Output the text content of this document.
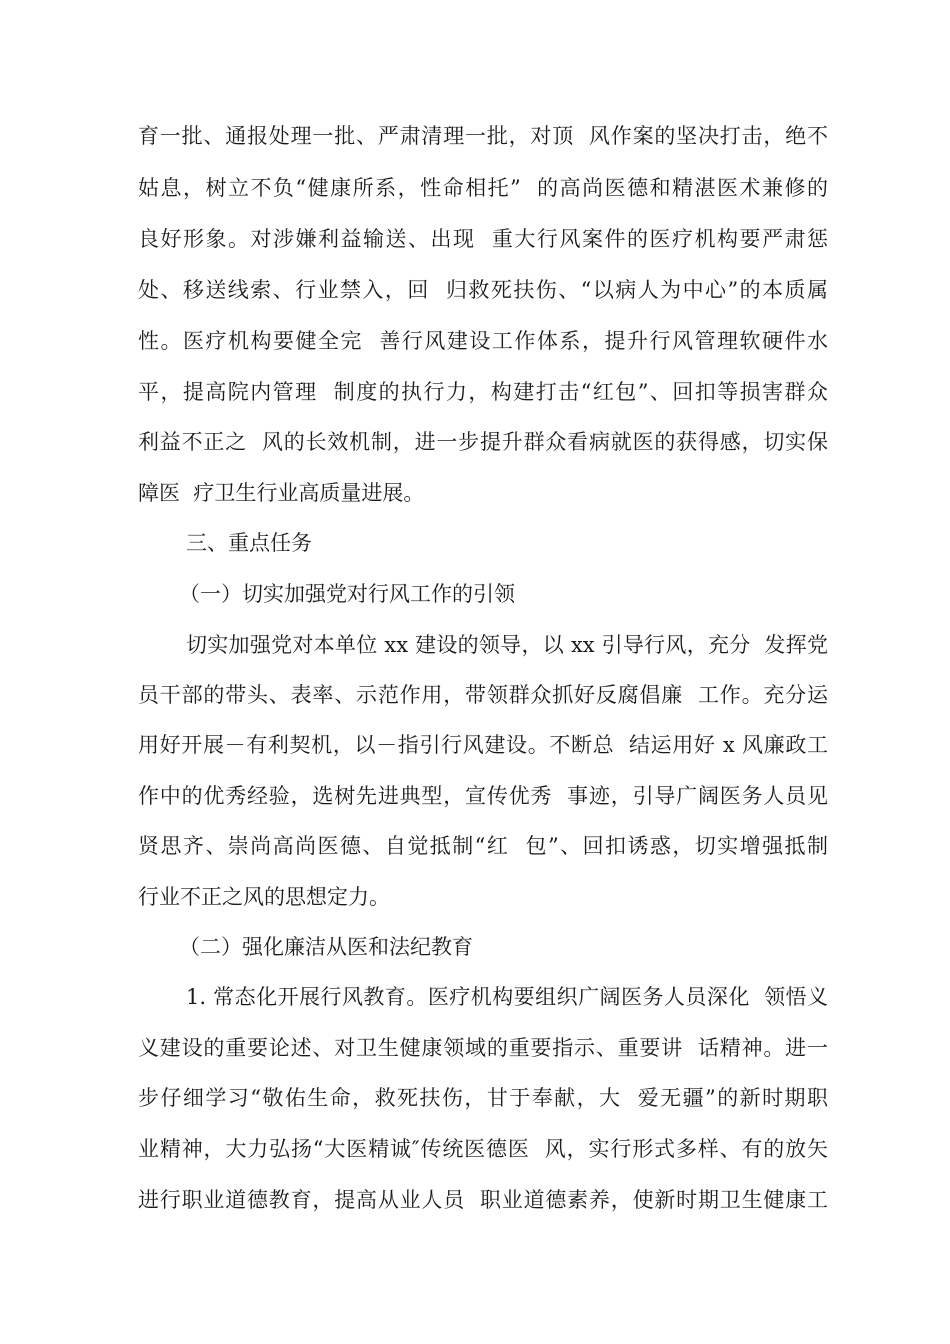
育一批、通报处理一批、严肃清理一批，对顶  风作案的坚决打击，绝不
姑息，树立不负“健康所系，性命相托”  的高尚医德和精湛医术兼修的
良好形象。对涉嫌利益输送、出现  重大行风案件的医疗机构要严肃惩
处、移送线索、行业禁入，回  归救死扶伤、“以病人为中心”的本质属
性。医疗机构要健全完  善行风建设工作体系，提升行风管理软硬件水
平，提高院内管理  制度的执行力，构建打击“红包”、回扣等损害群众
利益不正之  风的长效机制，进一步提升群众看病就医的获得感，切实保
障医  疗卫生行业高质量进展。
三、重点任务
（一）切实加强党对行风工作的引领
切实加强党对本单位 xx 建设的领导，以 xx 引导行风，充分  发挥党
员干部的带头、表率、示范作用，带领群众抓好反腐倡廉  工作。充分运
用好开展－有利契机，以－指引行风建设。不断总  结运用好 x 风廉政工
作中的优秀经验，选树先进典型，宣传优秀  事迹，引导广阔医务人员见
贤思齐、崇尚高尚医德、自觉抵制“红  包”、回扣诱惑，切实增强抵制
行业不正之风的思想定力。
（二）强化廉洁从医和法纪教育
1. 常态化开展行风教育。医疗机构要组织广阔医务人员深化  领悟义
义建设的重要论述、对卫生健康领域的重要指示、重要讲  话精神。进一
步仔细学习“敬佑生命，救死扶伤，甘于奉献，大  爱无疆”的新时期职
业精神，大力弘扬“大医精诚″传统医德医  风，实行形式多样、有的放矢
进行职业道德教育，提高从业人员  职业道德素养，使新时期卫生健康工
